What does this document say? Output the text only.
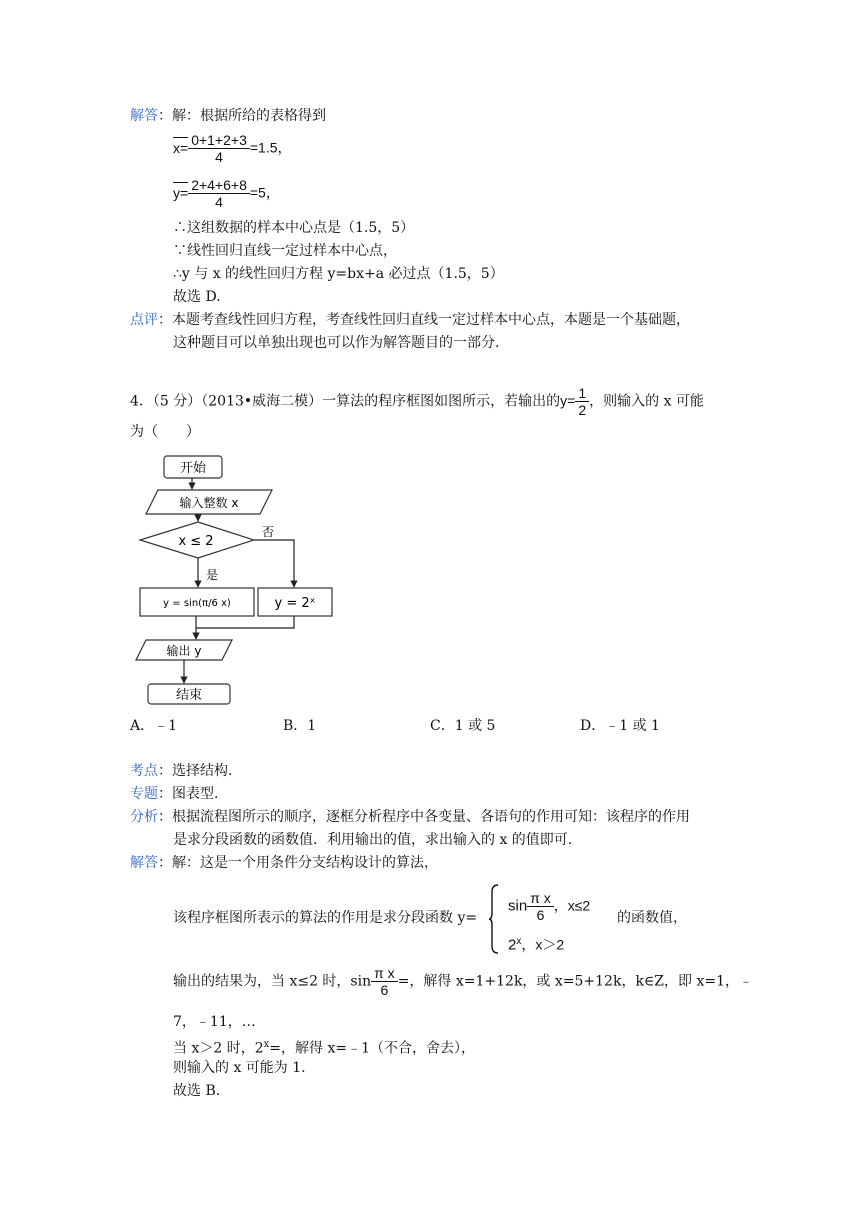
解答：解：根据所给的表格得到
$x= \frac{0+1+2+3}{4} =1.5$，
$y= \frac{2+4+6+8}{4} =5$，
∴这组数据的样本中心点是（1.5，5）
∵线性回归直线一定过样本中心点，
∴y 与 x 的线性回归方程 y=bx+a 必过点（1.5，5）
故选 D.
点评：本题考查线性回归方程，考查线性回归直线一定过样本中心点，本题是一个基础题，
这种题目可以单独出现也可以作为解答题目的一部分.
4．（5 分）（2013•威海二模）一算法的程序框图如图所示，若输出的$y= \frac{1}{2}$ ，则输入的 x 可能
为（　　）
开始
输入整数 x
x ≤ 2
否
是
y = sin(π/6 x)	y = 2ˣ
输出 y
结束
A．﹣1	B．1	C．1 或 5	D．﹣1 或 1
考点：选择结构.
专题：图表型.
分析：根据流程图所示的顺序，逐框分析程序中各变量、各语句的作用可知：该程序的作用
是求分段函数的函数值．利用输出的值，求出输入的 x 的值即可.
解答：解：这是一个用条件分支结构设计的算法，
该程序框图所表示的算法的作用是求分段函数 y=
$\sin \frac{\text{π x}}{6}$ ，x≤2
2$^x$，x＞2
的函数值，
输出的结果为，当 x≤2 时，$\sin \frac{\text{π x}}{6}$ =，解得 x=1+12k，或 x=5+12k，k∈Z，即 x=1，﹣
7，﹣11，…
当 x＞2 时，$2^x=$，解得 x=﹣1（不合，舍去），
则输入的 x 可能为 1.
故选 B.
